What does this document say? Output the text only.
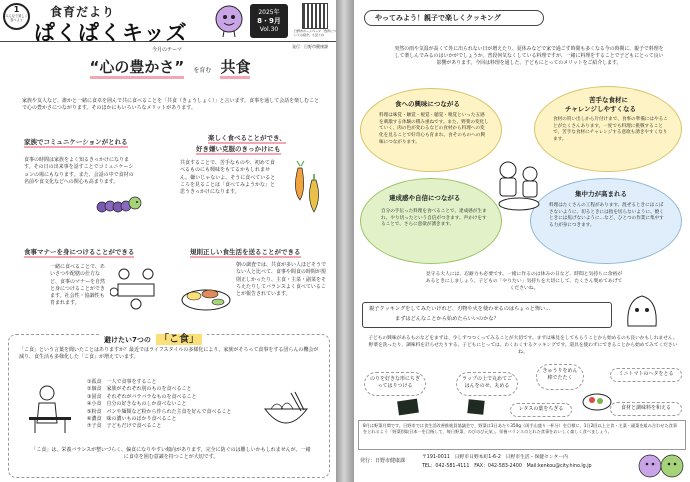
1
みんなで楽しく
食べよう
食育だより
ぱくぱくキッズ
2025年
8・9月
Vol.30	日野市ホームページ「食育についての紹介」も見てね
発行：日野市健康課
今月のテーマ
“心の豊かさ” を育む 共食
家族や友人など、誰かと一緒に食卓を囲んで共に食べることを「共食（きょうしょく）」と言います。食事を通して会話を楽しむことで心の豊かさにつながります。そのほかにもいろいろなメリットがあります。
家族でコミュニケーションがとれる
食事の時間は家族をよく知るきっかけになります。その日の出来事を話すことでコミュニケーションの場にもなります。また、会話の中で食材の名前や食文化などへの関心も高まります。
楽しく食べることができ、
好き嫌い克服のきっかけにも
共食することで、苦手なものや、初めて食べるものにも興味をもてるかもしれません。嫌いじゃないよ、そうに食べているところを見ることは「食べてみようかな」と思うきっかけになります。
食事マナーを身につけることができる
一緒に食べることで、あいさつや配膳の仕方など、食事のマナーを自然と身につけることができます。社会性・協調性も育まれます。
規則正しい食生活を送ることができる
朝の調査では、共食が多い人ほどそうでない人と比べて、食事や間食の時間が規則正しかったり、主食・主菜・副菜をそろえたりしてバランスよく食べていることが報告されています。
避けたい7つの 「こ食」
「こ食」という言葉を聞いたことはありますか？最近ではライフスタイルの多様化により、家族がそろって食事をする団らんの機会が減り、食生活も多様化した「こ食」が増えています。
①孤食　 一人で食事をすること
②個食　 家族がそれぞれ別のものを食べること
③固食　 それぞれがバラバラなものを食べること
④小食　 自分の好きなものしか食べないこと
⑤粉食　 パンや麺類など粉から作られた主食を好んで食べること
⑥濃食　 味の濃いものばかり食べること
⑦子食　 子どもだけで食べること
「こ食」は、栄養バランスが整いづらく、偏食になりやすい傾向があります。完全に防ぐのは難しいかもしれませんが、一緒に食卓を囲む意識を持つことが大切です。
やってみよう！親子で楽しくクッキング
突然の雨や気温が高くて外に出られない日が増えたり、夏休みなどで家で過ごす時間も多くなる今の時期に、親子で料理をして楽しんでみるのはいかがでしょうか。普段何気なくしている料理ですが、一緒に料理をすることで子どもにとって良い影響があります。今回は料理を通した、子どもにとってのメリットをご紹介します。
食への興味につながる
料理は味覚・触覚・視覚・聴覚・嗅覚といった五感を刺激する体験の積み重ねです。また、野菜の変化していく、肉の色が変わるなどの食材から料理への変化を見ることで好奇心も育まれ、食そのものへの興味につながります。
苦手な食材に
チャレンジしやすくなる
食材の買い出しから片付けまで、食事の準備にはやることがたくさんあります。一度でも料理に挑戦することで、苦手な食材にチャレンジする意欲も湧きやすくなります。
達成感や自信につながる
自分の手伝った料理を食べることで、達成感が生まれ、やり切ったという自信がつきます。声かけをすることで、さらに意欲が湧きます。
集中力が高まれる
料理はたくさんの工程があります。混ぜるときにはこぼさないように、切るときには指を切らないように、焼くときには焦げないように…など、ひとつの作業に集中する力が身につきます。
見守る大人には、忍耐力も必要です。一緒に作るのは休みの日など、時間と気持ちに余裕があるときにしましょう。子どもの「やりたい」気持ちを大切にして、たくさん褒めてあげてくださいね。
親子クッキングをしてみたいけれど、刃物や火を使わせるのはちょっと怖い…
まずはどんなことから始めたらいいのかな？
子どもの興味があるものなどをまずは、少しずつつくってみることが大切です。まずは味見をしてもらうことから始めるのも良いかもしれません。野菜を洗ったり、調味料を計らせたりする、子どもにとっては、わくわくするクッキングです。道具を使わずにできることから始めてみてくださいね。
のりを好きな形にちぎってはりつける
ラップの上で丸めてごはんをのせ、丸める
きゅうりをめん棒でたたく
ミニトマトのヘタをとる
レタスの葉をちぎる	食材と調味料を和える
8月は野菜月間です。日野市では食生活改善推進員協議会で、野菜は1日あたり350g（両手山盛り一杯分）を目標に、1日2回以上主食・主菜・副菜を組み合わせた食事をとれるよう「野菜摂取日本一を目指して、毎日野菜、のびのび元気」。栄養バランスのとれた食事をおいしく楽しく食べましょう。
発行：日野市健康課
〒191-0011　日野市日野本町1-6-2　日野市生活・保健センター内
TEL：042-581-4111　FAX：042-583-2400　Mail:kenkou@city.hino.lg.jp
